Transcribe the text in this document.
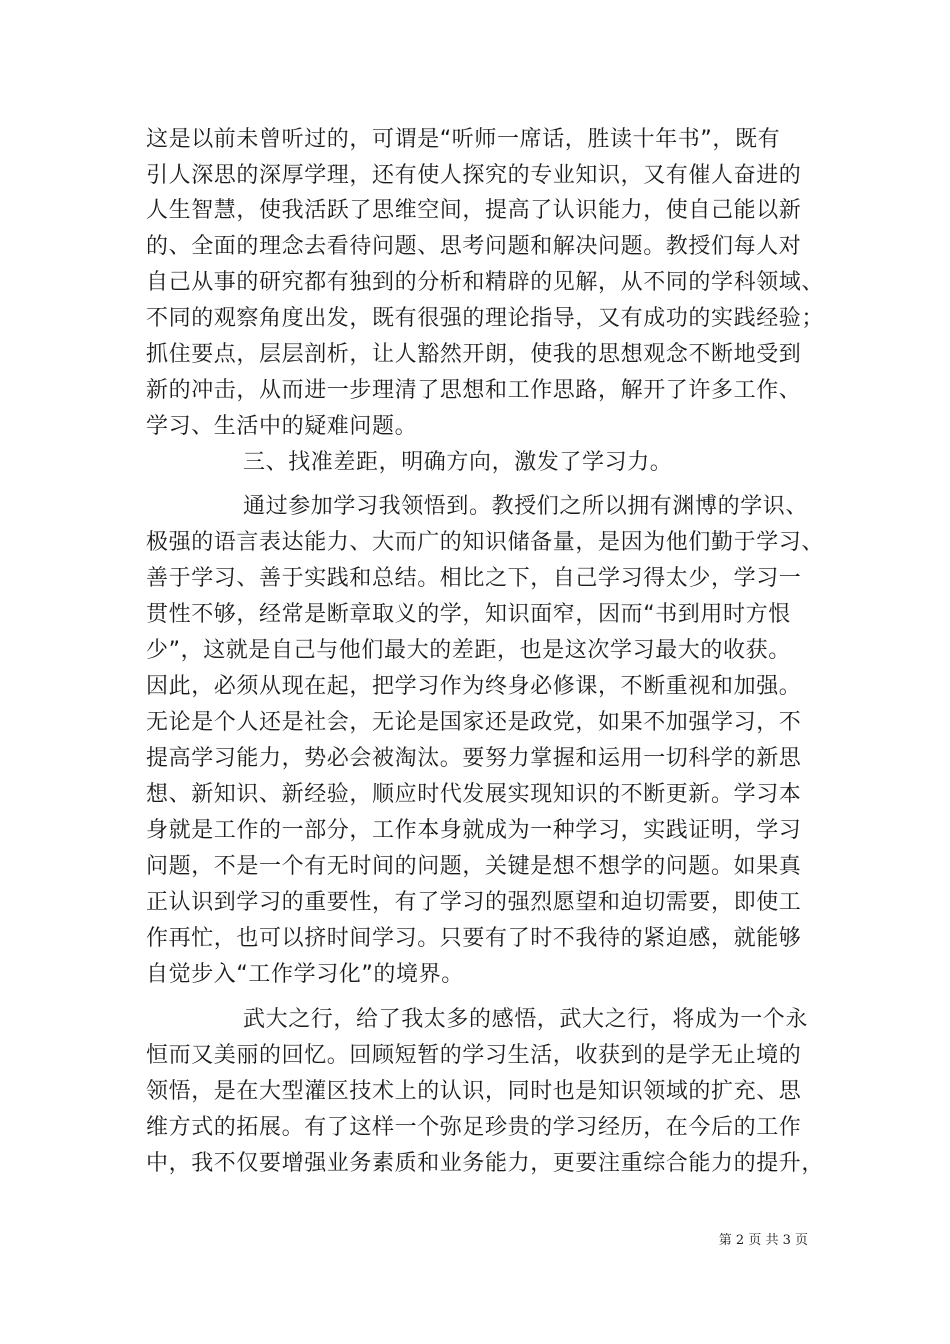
这是以前未曾听过的，可谓是“听师一席话，胜读十年书”，既有
引人深思的深厚学理，还有使人探究的专业知识，又有催人奋进的
人生智慧，使我活跃了思维空间，提高了认识能力，使自己能以新
的、全面的理念去看待问题、思考问题和解决问题。教授们每人对
自己从事的研究都有独到的分析和精辟的见解，从不同的学科领域、
不同的观察角度出发，既有很强的理论指导，又有成功的实践经验；
抓住要点，层层剖析，让人豁然开朗，使我的思想观念不断地受到
新的冲击，从而进一步理清了思想和工作思路，解开了许多工作、
学习、生活中的疑难问题。
三、找准差距，明确方向，激发了学习力。
通过参加学习我领悟到。教授们之所以拥有渊博的学识、
极强的语言表达能力、大而广的知识储备量，是因为他们勤于学习、
善于学习、善于实践和总结。相比之下，自己学习得太少，学习一
贯性不够，经常是断章取义的学，知识面窄，因而“书到用时方恨
少”，这就是自己与他们最大的差距，也是这次学习最大的收获。
因此，必须从现在起，把学习作为终身必修课，不断重视和加强。
无论是个人还是社会，无论是国家还是政党，如果不加强学习，不
提高学习能力，势必会被淘汰。要努力掌握和运用一切科学的新思
想、新知识、新经验，顺应时代发展实现知识的不断更新。学习本
身就是工作的一部分，工作本身就成为一种学习，实践证明，学习
问题，不是一个有无时间的问题，关键是想不想学的问题。如果真
正认识到学习的重要性，有了学习的强烈愿望和迫切需要，即使工
作再忙，也可以挤时间学习。只要有了时不我待的紧迫感，就能够
自觉步入“工作学习化”的境界。
武大之行，给了我太多的感悟，武大之行，将成为一个永
恒而又美丽的回忆。回顾短暂的学习生活，收获到的是学无止境的
领悟，是在大型灌区技术上的认识，同时也是知识领域的扩充、思
维方式的拓展。有了这样一个弥足珍贵的学习经历，在今后的工作
中，我不仅要增强业务素质和业务能力，更要注重综合能力的提升，
第 2 页 共 3 页
